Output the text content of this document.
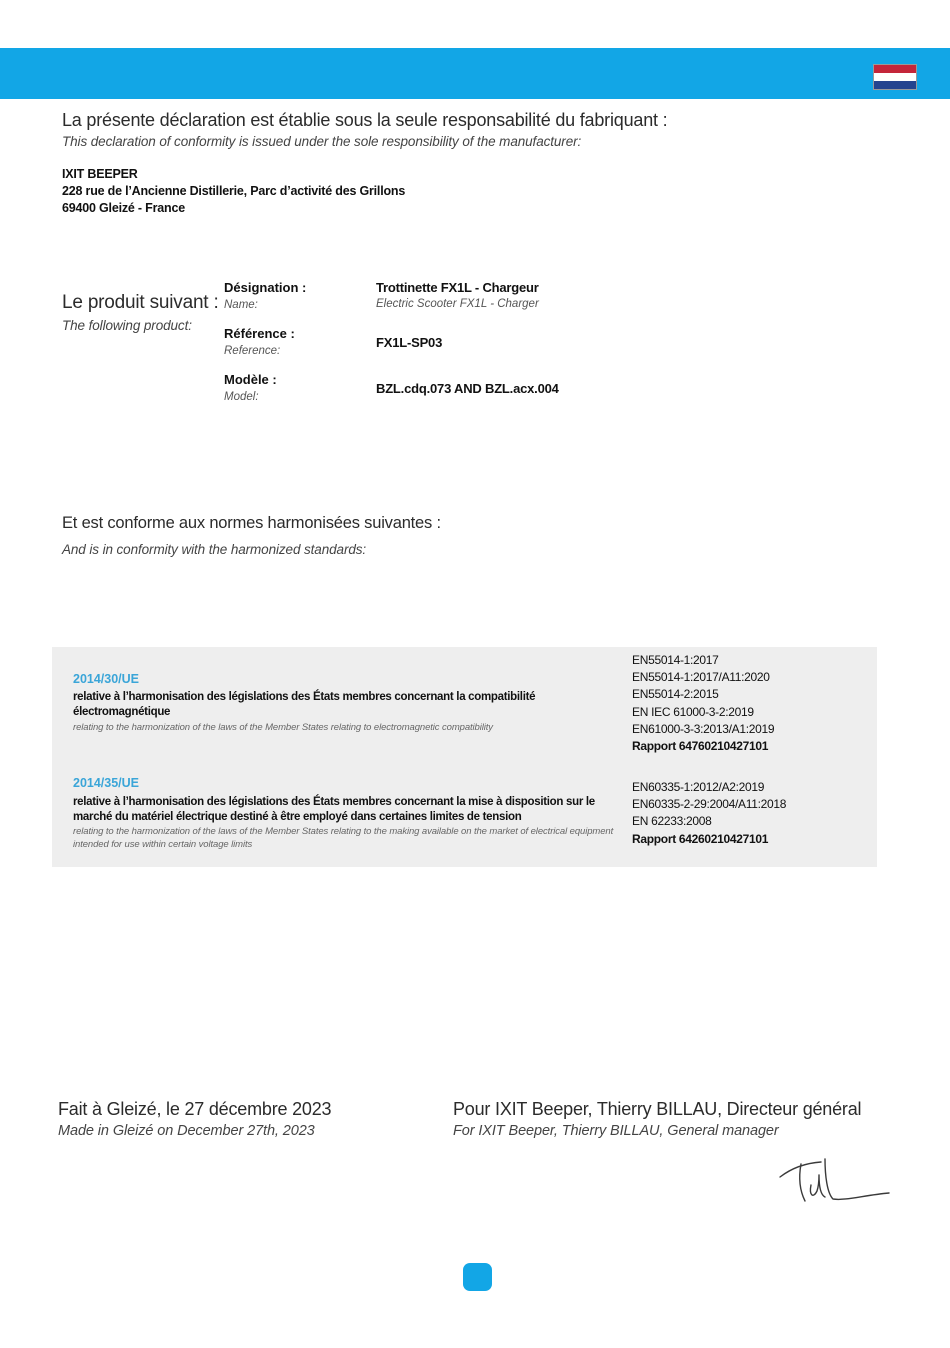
La présente déclaration est établie sous la seule responsabilité du fabriquant :
This declaration of conformity is issued under the sole responsibility of the manufacturer:
IXIT BEEPER
228 rue de l’Ancienne Distillerie, Parc d’activité des Grillons
69400 Gleizé - France
Le produit suivant :
The following product:
Désignation :
Name:
Trottinette FX1L - Chargeur
Electric Scooter FX1L - Charger
Référence :
Reference:
FX1L-SP03
Modèle :
Model:
BZL.cdq.073 AND BZL.acx.004
Et est conforme aux normes harmonisées suivantes :
And is in conformity with the harmonized standards:
2014/30/UE
relative à l’harmonisation des législations des États membres concernant la compatibilité électromagnétique
relating to the harmonization of the laws of the Member States relating to electromagnetic compatibility
EN55014-1:2017
EN55014-1:2017/A11:2020
EN55014-2:2015
EN IEC 61000-3-2:2019
EN61000-3-3:2013/A1:2019
Rapport 64760210427101
2014/35/UE
relative à l’harmonisation des législations des États membres concernant la mise à disposition sur le marché du matériel électrique destiné à être employé dans certaines limites de tension
relating to the harmonization of the laws of the Member States relating to the making available on the market of electrical equipment intended for use within certain voltage limits
EN60335-1:2012/A2:2019
EN60335-2-29:2004/A11:2018
EN 62233:2008
Rapport 64260210427101
Fait à Gleizé, le 27 décembre 2023
Made in Gleizé on December 27th, 2023
Pour IXIT Beeper, Thierry BILLAU, Directeur général
For IXIT Beeper, Thierry BILLAU, General manager
